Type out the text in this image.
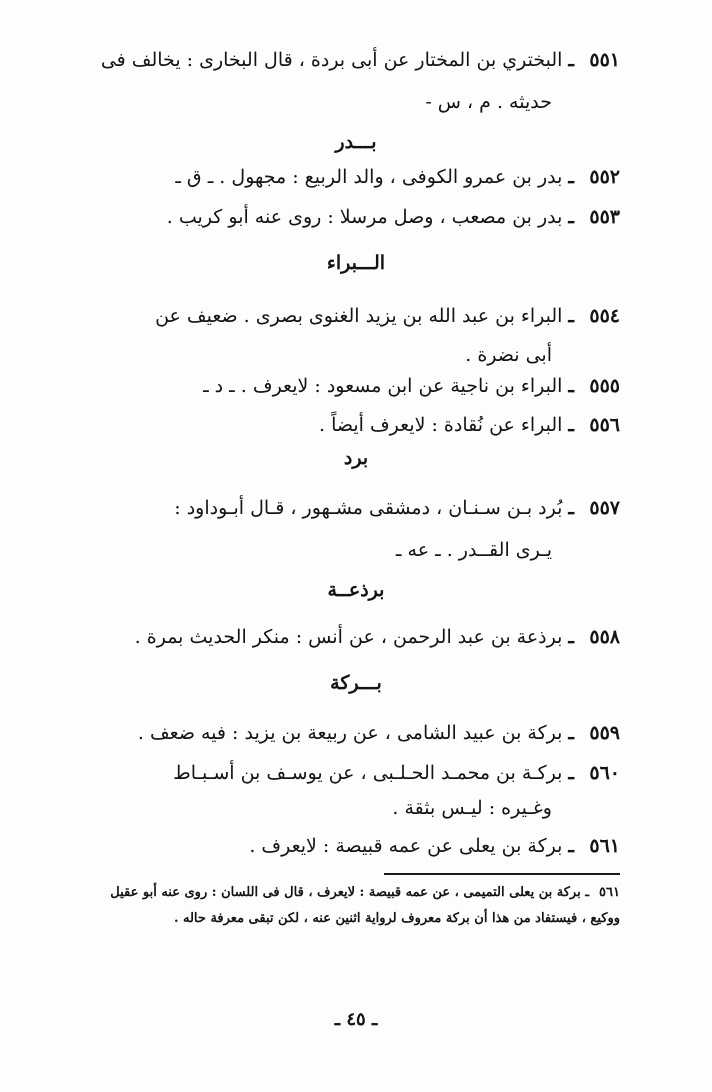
٥٥١ـالبختري بن المختار عن أبى بردة ، قال البخارى : يخالف فى
حديثه . م ، س -
بـــدر
٥٥٢ـبدر بن عمرو الكوفى ، والد الربيع : مجهول . ـ ق ـ
٥٥٣ـبدر بن مصعب ، وصل مرسلا : روى عنه أبو كريب .
الـــبراء
٥٥٤ـالبراء بن عبد الله بن يزيد الغنوى بصرى . ضعيف عن
أبى نضرة .
٥٥٥ـالبراء بن ناجية عن ابن مسعود : لايعرف . ـ د ـ
٥٥٦ـالبراء عن نُقادة : لايعرف أيضاً .
برد
٥٥٧ـبُرد بـن سـنـان ، دمشقى مشـهور ، قـال أبـوداود :
يـرى القــدر . ـ عه ـ
برذعــة
٥٥٨ـبرذعة بن عبد الرحمن ، عن أنس : منكر الحديث بمرة .
بـــركة
٥٥٩ـبركة بن عبيد الشامى ، عن ربيعة بن يزيد : فيه ضعف .
٥٦٠ـبركـة بن محمـد الحـلـبى ، عن يوسـف بن أسـبـاط
وغـيره : ليـس بثقة .
٥٦١ـبركة بن يعلى عن عمه قبيصة : لايعرف .
٥٦١ـ بركة بن يعلى التميمى ، عن عمه قبيصة : لايعرف ، قال فى اللسان : روى عنه أبو عقيل ووكيع ، فيستفاد من هذا أن بركة معروف لرواية اثنين عنه ، لكن تبقى معرفة حاله .
ـ ٤٥ ـ
